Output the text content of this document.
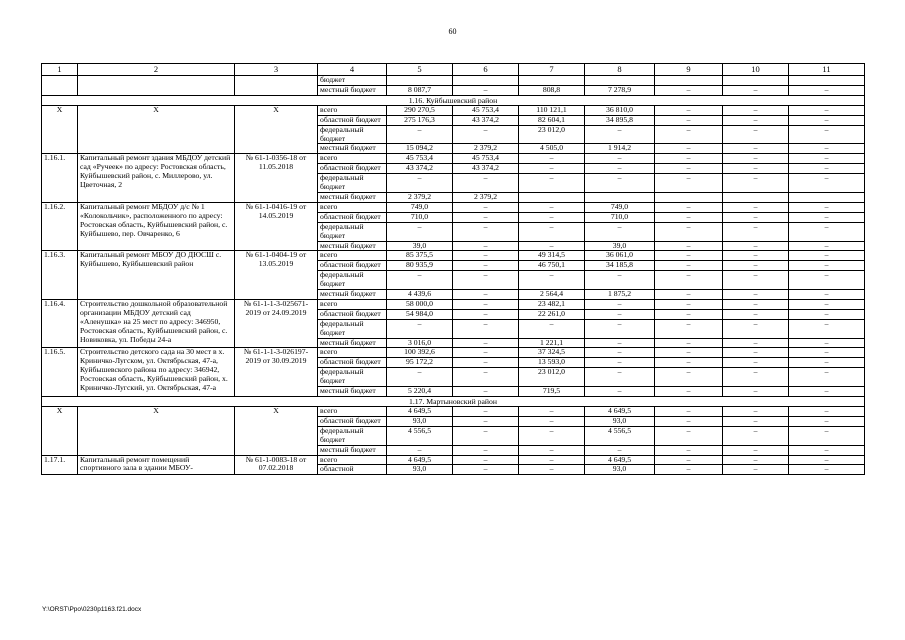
60
1	2	3	4	5	6	7	8	9	10	11
			бюджет							
			местный бюджет	8 087,7	–	808,8	7 278,9	–	–	–
1.16. Куйбышевский район										
Х	Х	Х	всего	290 270,5	45 753,4	110 121,1	36 810,0	–	–	–
			областной бюджет	275 176,3	43 374,2	82 604,1	34 895,8	–	–	–
			федеральный бюджет	–	–	23 012,0	–	–	–	–
			местный бюджет	15 094,2	2 379,2	4 505,0	1 914,2	–	–	–
1.16.1.	Капитальный ремонт здания МБДОУ детский сад «Ручеек» по адресу: Ростовская область, Куйбышевский район, с. Миллерово, ул. Цветочная, 2	№ 61-1-0356-18 от 11.05.2018	всего	45 753,4	45 753,4	–	–	–	–	–
			областной бюджет	43 374,2	43 374,2	–	–	–	–	–
			федеральный бюджет	–	–	–	–	–	–	–
			местный бюджет	2 379,2	2 379,2					
1.16.2.	Капитальный ремонт МБДОУ д/с № 1 «Колокольчик», расположенного по адресу: Ростовская область, Куйбышевский район, с. Куйбышево, пер. Овчаренко, 6	№ 61-1-0416-19 от 14.05.2019	всего	749,0	–	–	749,0	–	–	–
			областной бюджет	710,0	–	–	710,0	–	–	–
			федеральный бюджет	–	–	–	–	–	–	–
			местный бюджет	39,0	–	–	39,0	–	–	–
1.16.3.	Капитальный ремонт МБОУ ДО ДЮСШ с. Куйбышево, Куйбышевский район	№ 61-1-0404-19 от 13.05.2019	всего	85 375,5	–	49 314,5	36 061,0	–	–	–
			областной бюджет	80 935,9	–	46 750,1	34 185,8	–	–	–
			федеральный бюджет	–	–	–	–	–	–	–
			местный бюджет	4 439,6	–	2 564,4	1 875,2	–	–	–
1.16.4.	Строительство дошкольной образовательной организации МБДОУ детский сад «Аленушка» на 25 мест по адресу: 346950, Ростовская область, Куйбышевский район, с. Новиковка, ул. Победы 24-а	№ 61-1-1-3-025671-2019 от 24.09.2019	всего	58 000,0	–	23 482,1	–	–	–	–
			областной бюджет	54 984,0	–	22 261,0	–	–	–	–
			федеральный бюджет	–	–	–	–	–	–	–
			местный бюджет	3 016,0	–	1 221,1	–	–	–	–
1.16.5.	Строительство детского сада на 30 мест в х. Криничко-Лугском, ул. Октябрьская, 47-а, Куйбышевского района по адресу: 346942, Ростовская область, Куйбышевский район, х. Криничко-Лугский, ул. Октябрьская, 47-а	№ 61-1-1-3-026197-2019 от 30.09.2019	всего	100 392,6	–	37 324,5	–	–	–	–
			областной бюджет	95 172,2	–	13 593,0	–	–	–	–
			федеральный бюджет	–	–	23 012,0	–	–	–	–
			местный бюджет	5 220,4	–	719,5	–	–	–	–
1.17. Мартыновский район										
Х	Х	Х	всего	4 649,5	–	–	4 649,5	–	–	–
			областной бюджет	93,0	–	–	93,0	–	–	–
			федеральный бюджет	4 556,5	–	–	4 556,5	–	–	–
			местный бюджет	–	–	–	–	–	–	–
1.17.1.	Капитальный ремонт помещений спортивного зала в здании МБОУ-	№ 61-1-0083-18 от 07.02.2018	всего	4 649,5	–	–	4 649,5	–	–	–
			областной	93,0	–	–	93,0	–	–	–
Y:\ORST\Ppo\0230p1163.f21.docx
